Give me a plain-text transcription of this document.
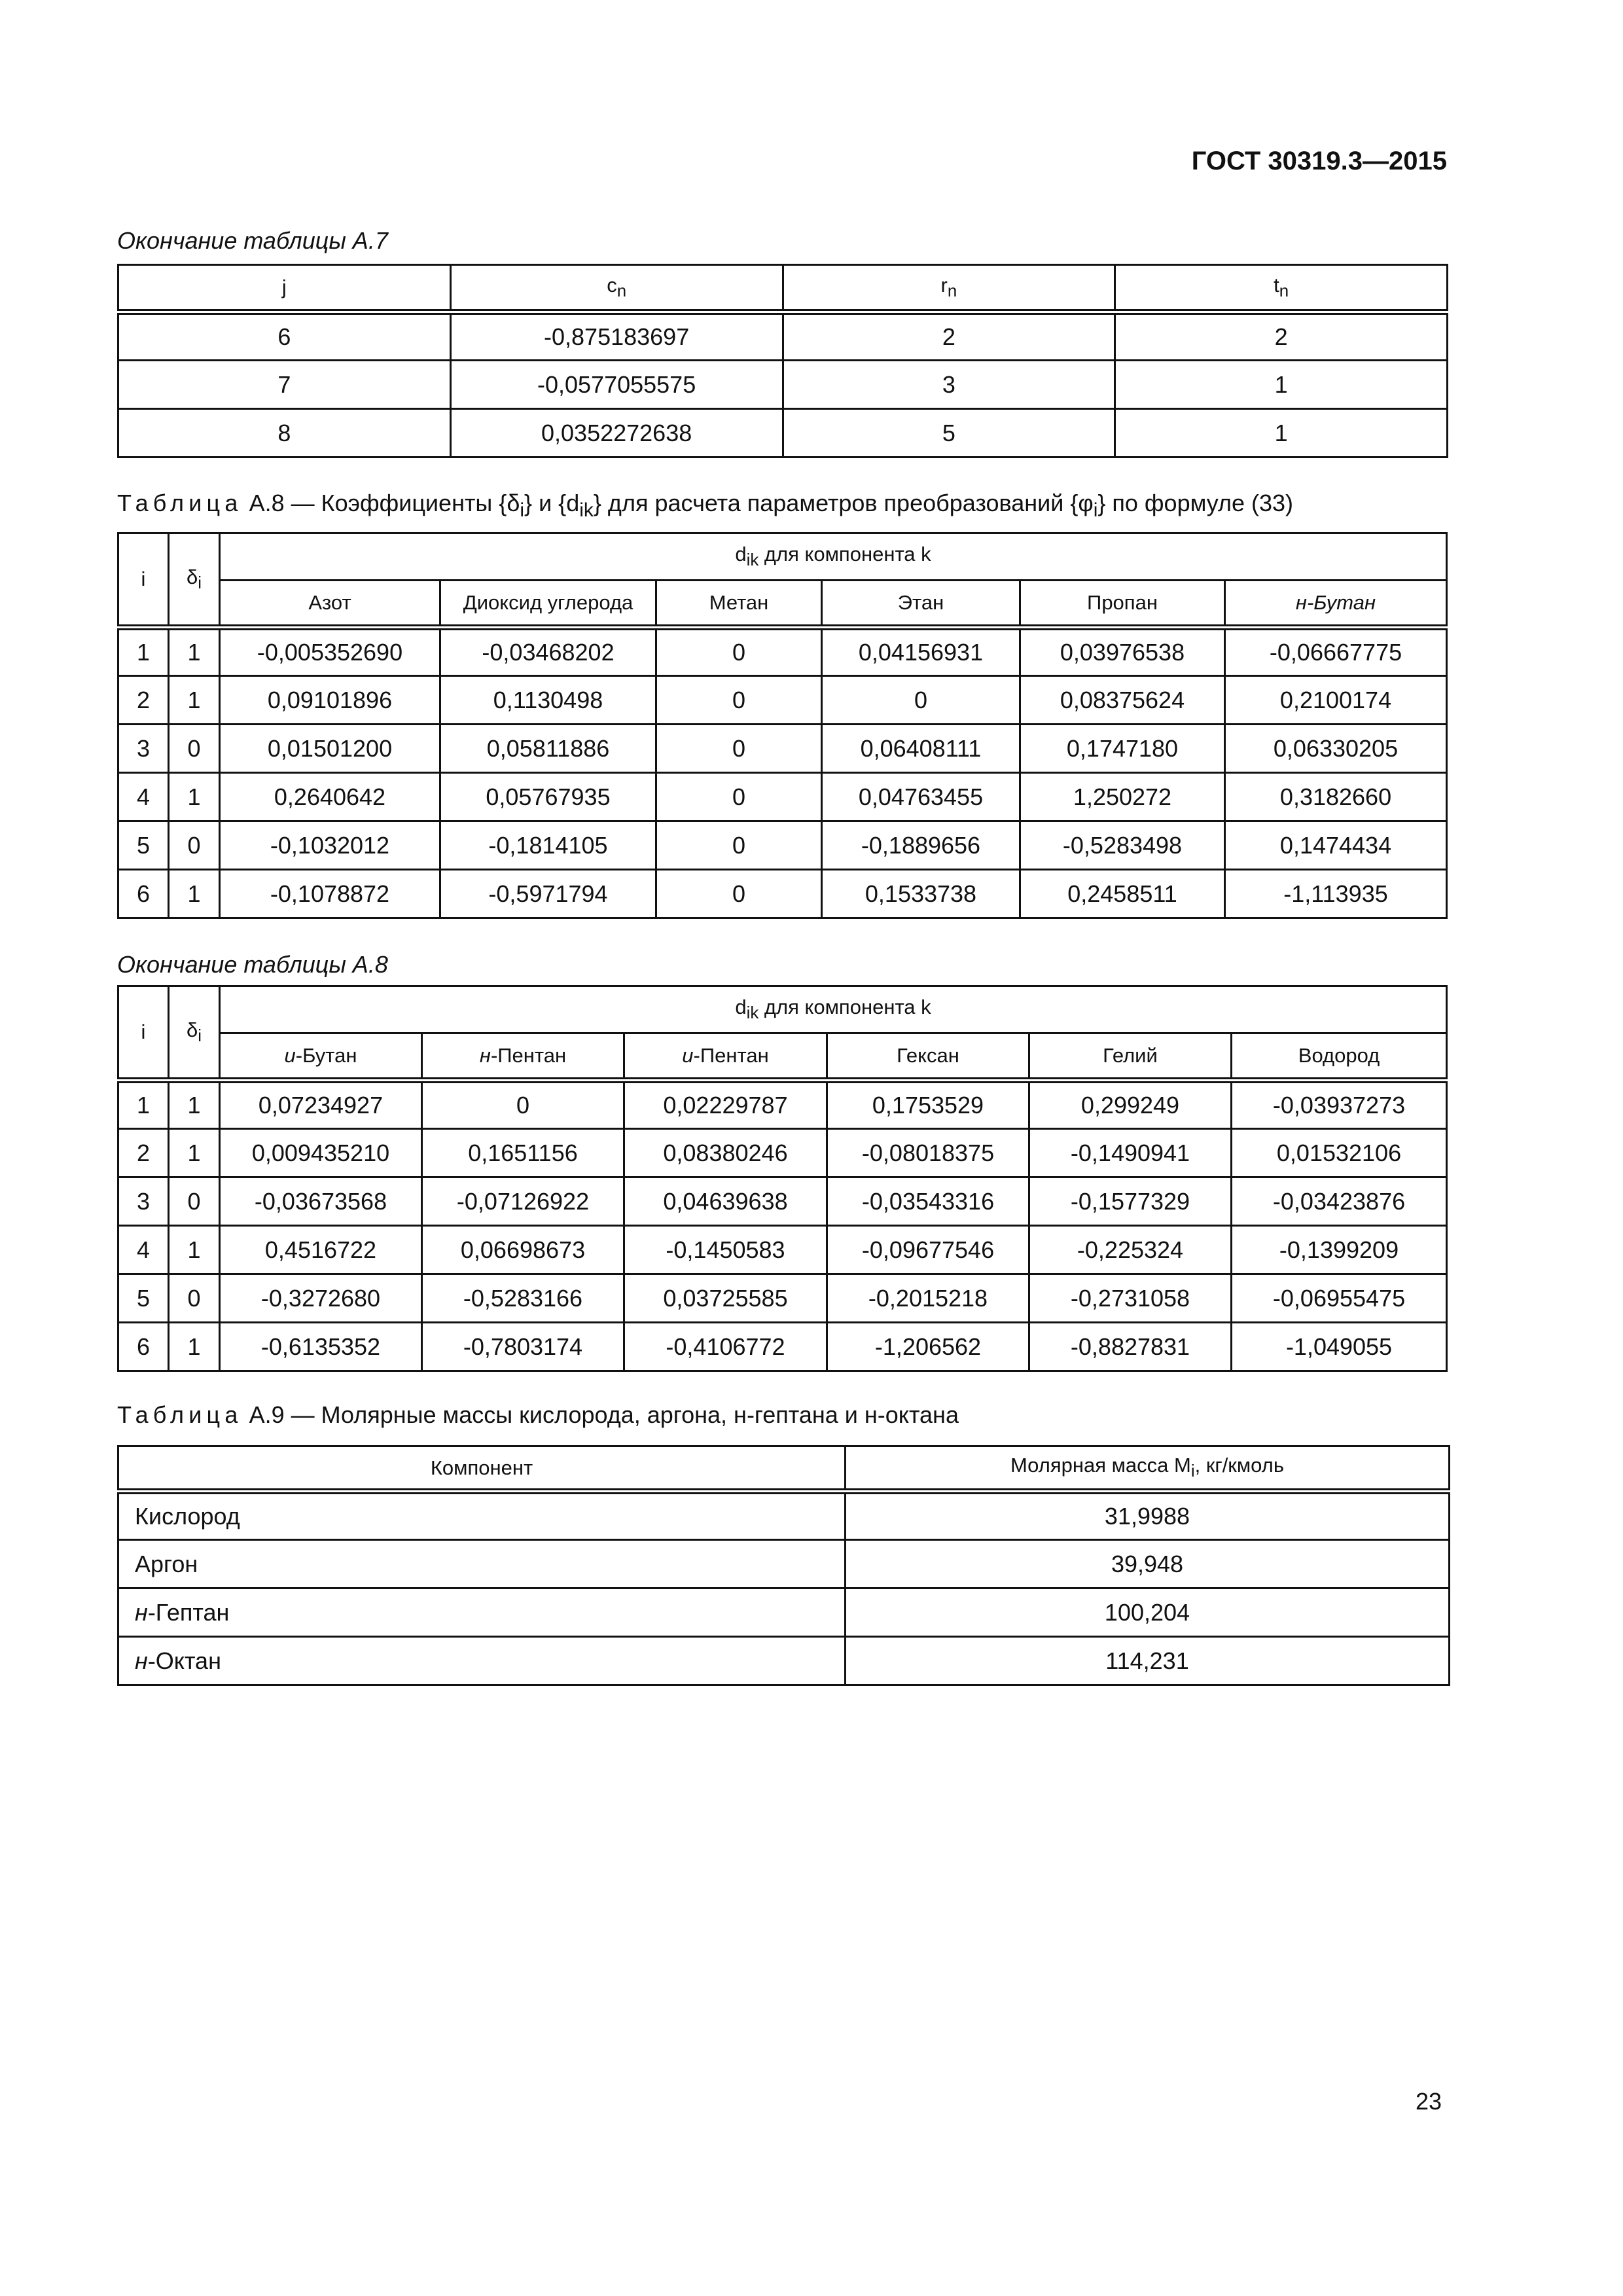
ГОСТ 30319.3—2015
Окончание таблицы А.7
j	$c_n$	$r_n$	$t_n$
6	-0,875183697	2	2
7	-0,0577055575	3	1
8	0,0352272638	5	1
Таблица А.8 — Коэффициенты $\{\delta_i\}$ и $\{d_{ik}\}$ для расчета параметров преобразований $\{\varphi_i\}$ по формуле (33)
i	$\delta_i$	$d_{ik}$ для компонента k					
		Азот	Диоксид углерода	Метан	Этан	Пропан	н-Бутан
1	1	-0,005352690	-0,03468202	0	0,04156931	0,03976538	-0,06667775
2	1	0,09101896	0,1130498	0	0	0,08375624	0,2100174
3	0	0,01501200	0,05811886	0	0,06408111	0,1747180	0,06330205
4	1	0,2640642	0,05767935	0	0,04763455	1,250272	0,3182660
5	0	-0,1032012	-0,1814105	0	-0,1889656	-0,5283498	0,1474434
6	1	-0,1078872	-0,5971794	0	0,1533738	0,2458511	-1,113935
Окончание таблицы А.8
i	$\delta_i$	$d_{ik}$ для компонента k					
		и-Бутан	н-Пентан	и-Пентан	Гексан	Гелий	Водород
1	1	0,07234927	0	0,02229787	0,1753529	0,299249	-0,03937273
2	1	0,009435210	0,1651156	0,08380246	-0,08018375	-0,1490941	0,01532106
3	0	-0,03673568	-0,07126922	0,04639638	-0,03543316	-0,1577329	-0,03423876
4	1	0,4516722	0,06698673	-0,1450583	-0,09677546	-0,225324	-0,1399209
5	0	-0,3272680	-0,5283166	0,03725585	-0,2015218	-0,2731058	-0,06955475
6	1	-0,6135352	-0,7803174	-0,4106772	-1,206562	-0,8827831	-1,049055
Таблица А.9 — Молярные массы кислорода, аргона, н-гептана и н-октана
Компонент	Молярная масса $M_i$, кг/кмоль
Кислород	31,9988
Аргон	39,948
н-Гептан	100,204
н-Октан	114,231
23
